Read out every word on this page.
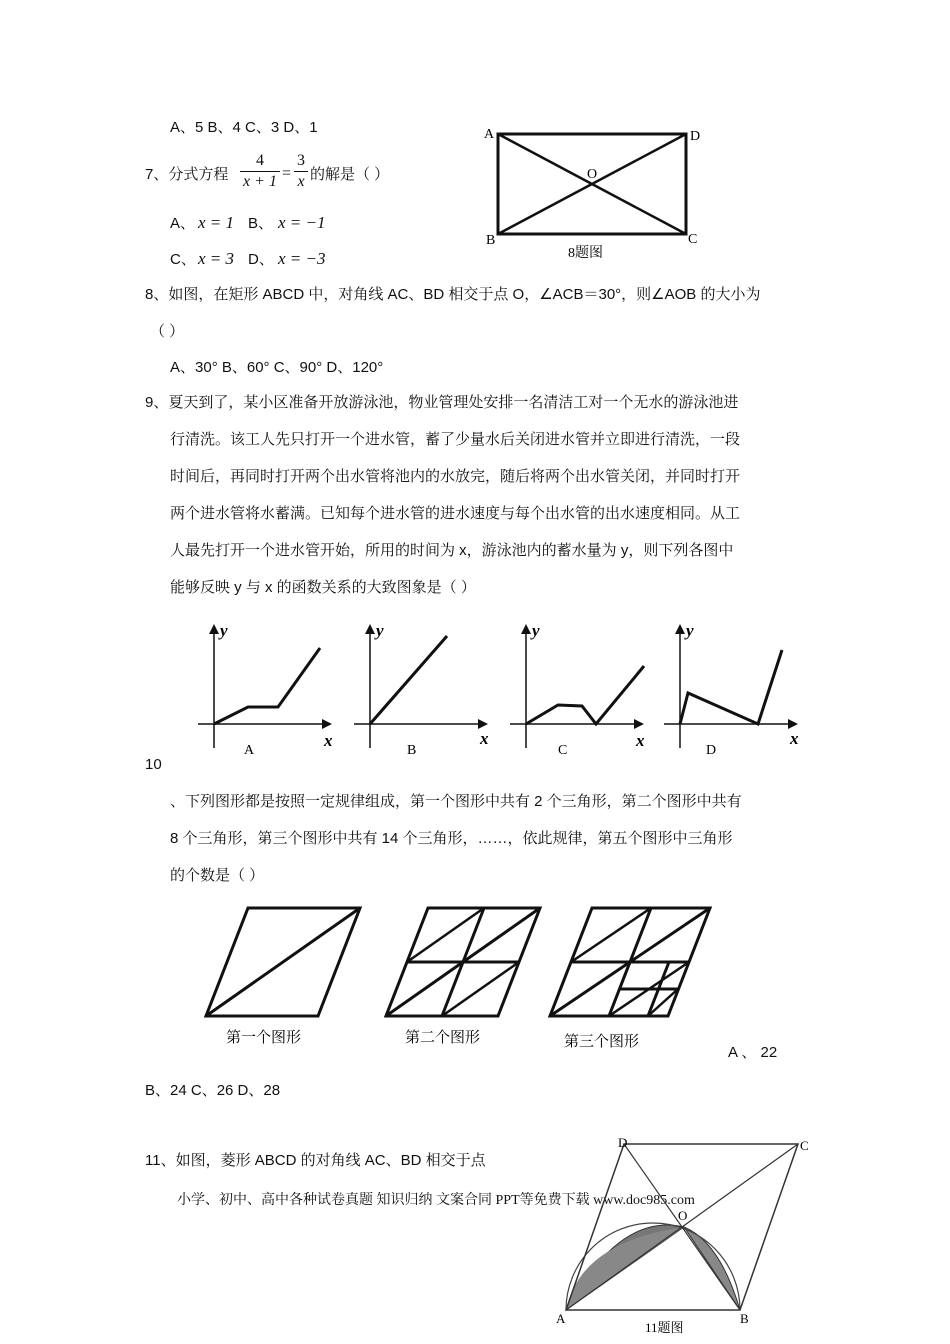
A、5 B、4 C、3 D、1
7、分式方程
4
x + 1 =
3
x 的解是（ ）
A、 x = 1 B、 x = −1
C、 x = 3 D、 x = −3
A	D
O
B	C
8题图
8、如图，在矩形 ABCD 中，对角线 AC、BD 相交于点 O，∠ACB＝30°，则∠AOB 的大小为
（ ）
A、30° B、60° C、90° D、120°
9、夏天到了，某小区准备开放游泳池，物业管理处安排一名清洁工对一个无水的游泳池进
行清洗。该工人先只打开一个进水管，蓄了少量水后关闭进水管并立即进行清洗，一段
时间后，再同时打开两个出水管将池内的水放完，随后将两个出水管关闭，并同时打开
两个进水管将水蓄满。已知每个进水管的进水速度与每个出水管的出水速度相同。从工
人最先打开一个进水管开始，所用的时间为 x，游泳池内的蓄水量为 y，则下列各图中
能够反映 y 与 x 的函数关系的大致图象是（ ）
y
x
A
y
x
B
y
x
C
y
x
D
10
、下列图形都是按照一定规律组成，第一个图形中共有 2 个三角形，第二个图形中共有
8 个三角形，第三个图形中共有 14 个三角形，……，依此规律，第五个图形中三角形
的个数是（ ）
第一个图形	第二个图形	第三个图形
A 、 22
B、24 C、26 D、28
11、如图，菱形 ABCD 的对角线 AC、BD 相交于点
小学、初中、高中各种试卷真题 知识归纳 文案合同 PPT等免费下载 www.doc985.com
D	C
O
A	B
11题图
